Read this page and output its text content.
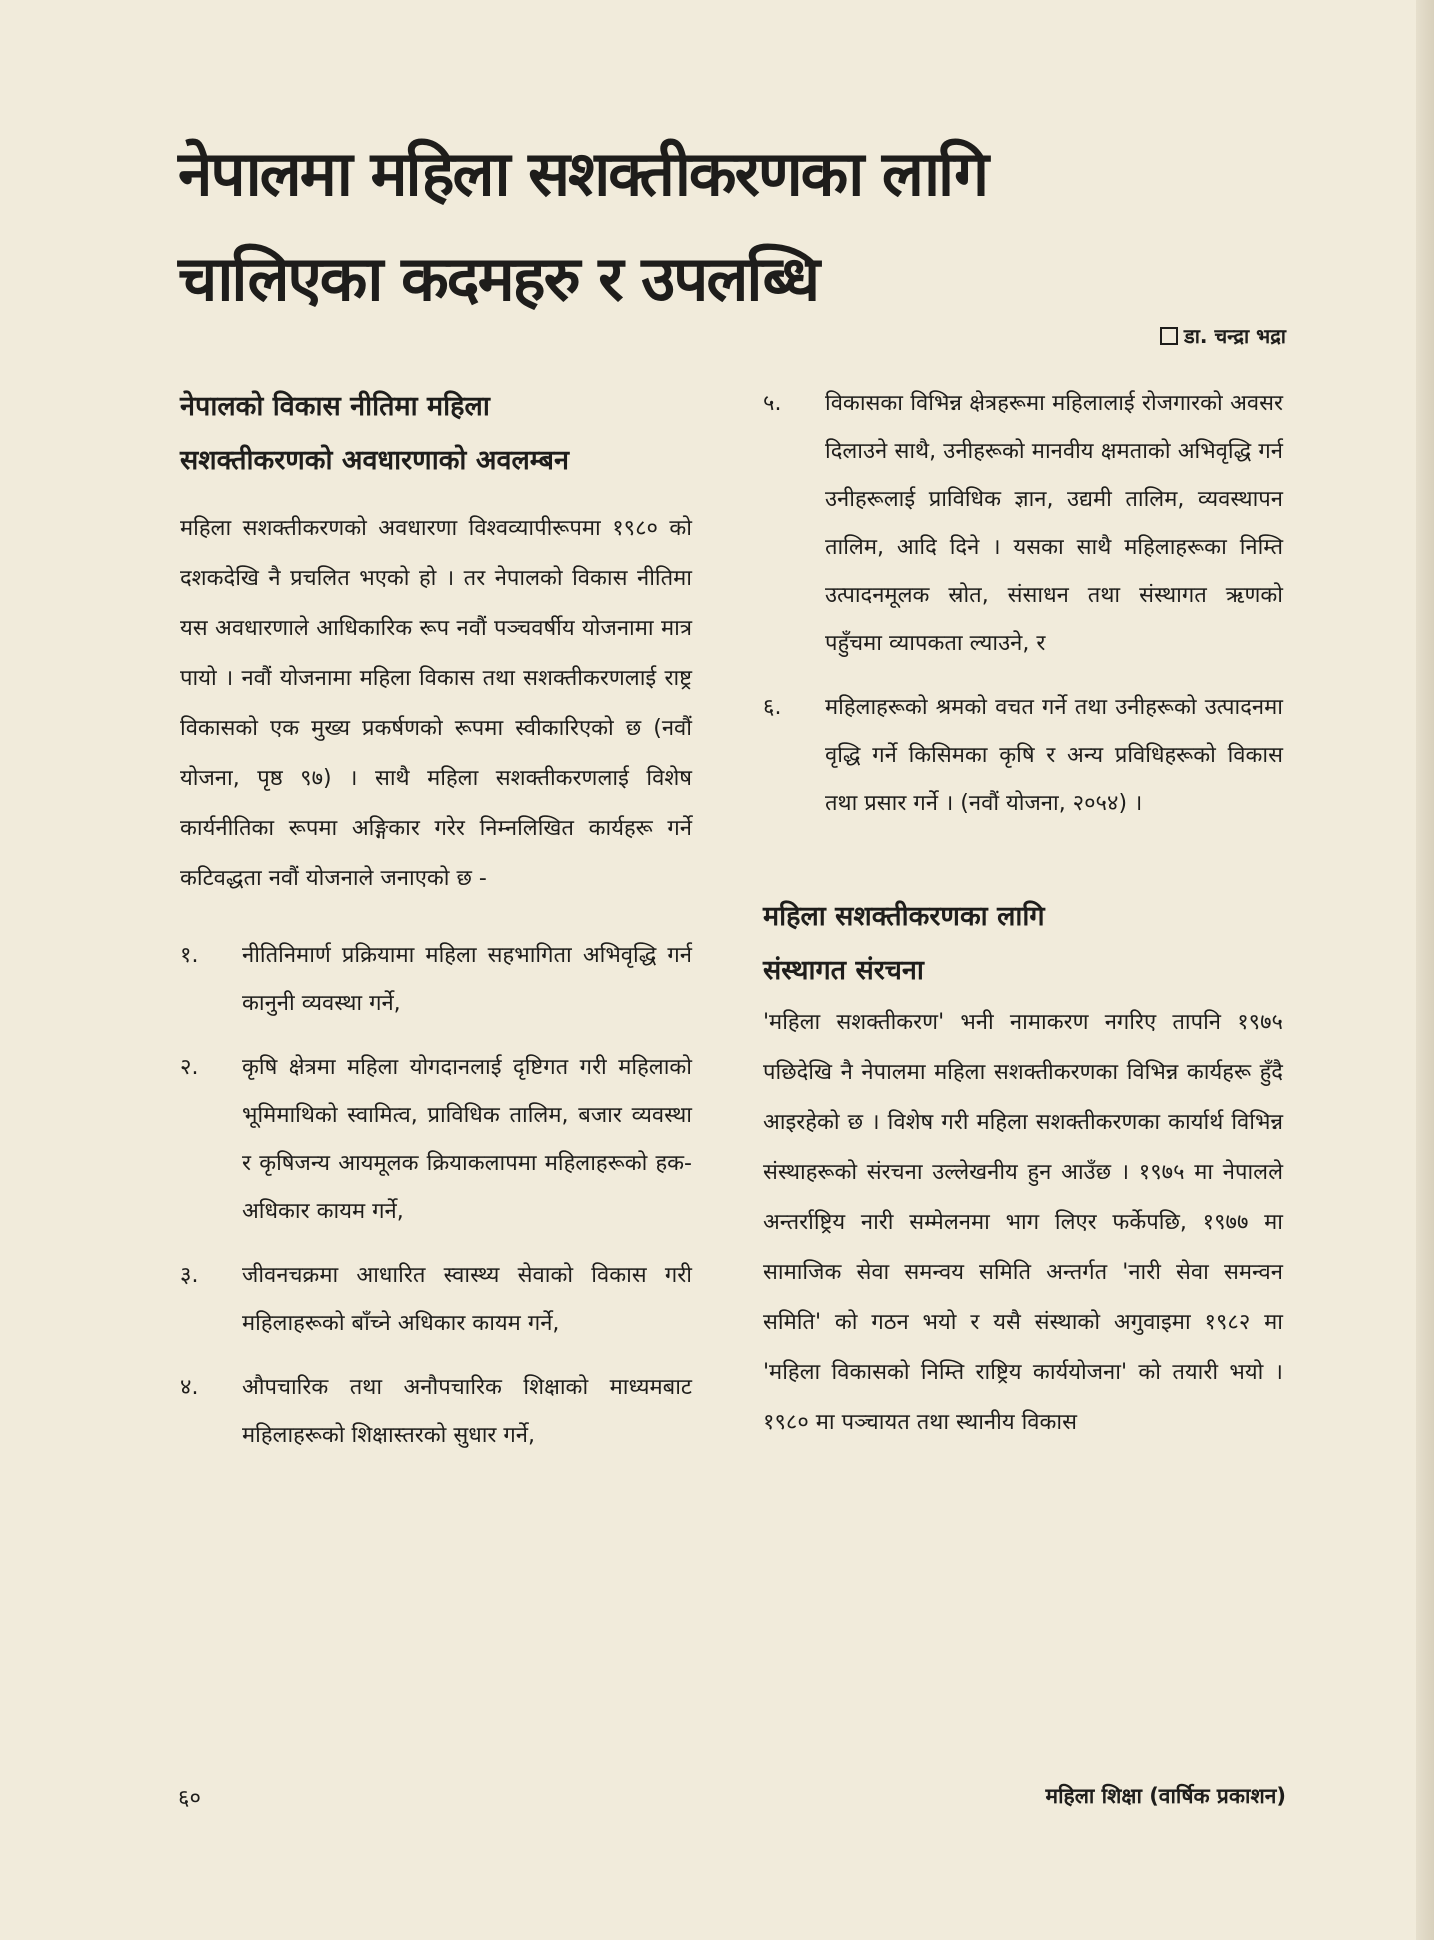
नेपालमा महिला सशक्तीकरणका लागि
चालिएका कदमहरु र उपलब्धि
डा. चन्द्रा भद्रा

नेपालको विकास नीतिमा महिला

सशक्तीकरणको अवधारणाको अवलम्बन

महिला सशक्तीकरणको अवधारणा विश्वव्यापीरूपमा १९८० को दशकदेखि नै प्रचलित भएको हो । तर नेपालको विकास नीतिमा यस अवधारणाले आधिकारिक रूप नवौं पञ्चवर्षीय योजनामा मात्र पायो । नवौं योजनामा महिला विकास तथा सशक्तीकरणलाई राष्ट्र विकासको एक मुख्य प्रकर्षणको रूपमा स्वीकारिएको छ (नवौं योजना, पृष्ठ ९७) । साथै महिला सशक्तीकरणलाई विशेष कार्यनीतिका रूपमा अङ्गिकार गरेर निम्नलिखित कार्यहरू गर्ने कटिवद्धता नवौं योजनाले जनाएको छ -

१.	नीतिनिमार्ण प्रक्रियामा महिला सहभागिता अभिवृद्धि गर्न कानुनी व्यवस्था गर्ने,
२.	कृषि क्षेत्रमा महिला योगदानलाई दृष्टिगत गरी महिलाको भूमिमाथिको स्वामित्व, प्राविधिक तालिम, बजार व्यवस्था र कृषिजन्य आयमूलक क्रियाकलापमा महिलाहरूको हक-अधिकार कायम गर्ने,
३.	जीवनचक्रमा आधारित स्वास्थ्य सेवाको विकास गरी महिलाहरूको बाँच्ने अधिकार कायम गर्ने,
४.	औपचारिक तथा अनौपचारिक शिक्षाको माध्यमबाट महिलाहरूको शिक्षास्तरको सुधार गर्ने,
५.	विकासका विभिन्न क्षेत्रहरूमा महिलालाई रोजगारको अवसर दिलाउने साथै, उनीहरूको मानवीय क्षमताको अभिवृद्धि गर्न उनीहरूलाई प्राविधिक ज्ञान, उद्यमी तालिम, व्यवस्थापन तालिम, आदि दिने । यसका साथै महिलाहरूका निम्ति उत्पादनमूलक स्रोत, संसाधन तथा संस्थागत ऋणको पहुँचमा व्यापकता ल्याउने, र
६.	महिलाहरूको श्रमको वचत गर्ने तथा उनीहरूको उत्पादनमा वृद्धि गर्ने किसिमका कृषि र अन्य प्रविधिहरूको विकास तथा प्रसार गर्ने । (नवौं योजना, २०५४) ।

महिला सशक्तीकरणका लागि

संस्थागत संरचना

'महिला सशक्तीकरण' भनी नामाकरण नगरिए तापनि १९७५ पछिदेखि नै नेपालमा महिला सशक्तीकरणका विभिन्न कार्यहरू हुँदै आइरहेको छ । विशेष गरी महिला सशक्तीकरणका कार्यार्थ विभिन्न संस्थाहरूको संरचना उल्लेखनीय हुन आउँछ । १९७५ मा नेपालले अन्तर्राष्ट्रिय नारी सम्मेलनमा भाग लिएर फर्केपछि, १९७७ मा सामाजिक सेवा समन्वय समिति अन्तर्गत 'नारी सेवा समन्वन समिति' को गठन भयो र यसै संस्थाको अगुवाइमा १९८२ मा 'महिला विकासको निम्ति राष्ट्रिय कार्ययोजना' को तयारी भयो । १९८० मा पञ्चायत तथा स्थानीय विकास

६०	महिला शिक्षा (वार्षिक प्रकाशन)
